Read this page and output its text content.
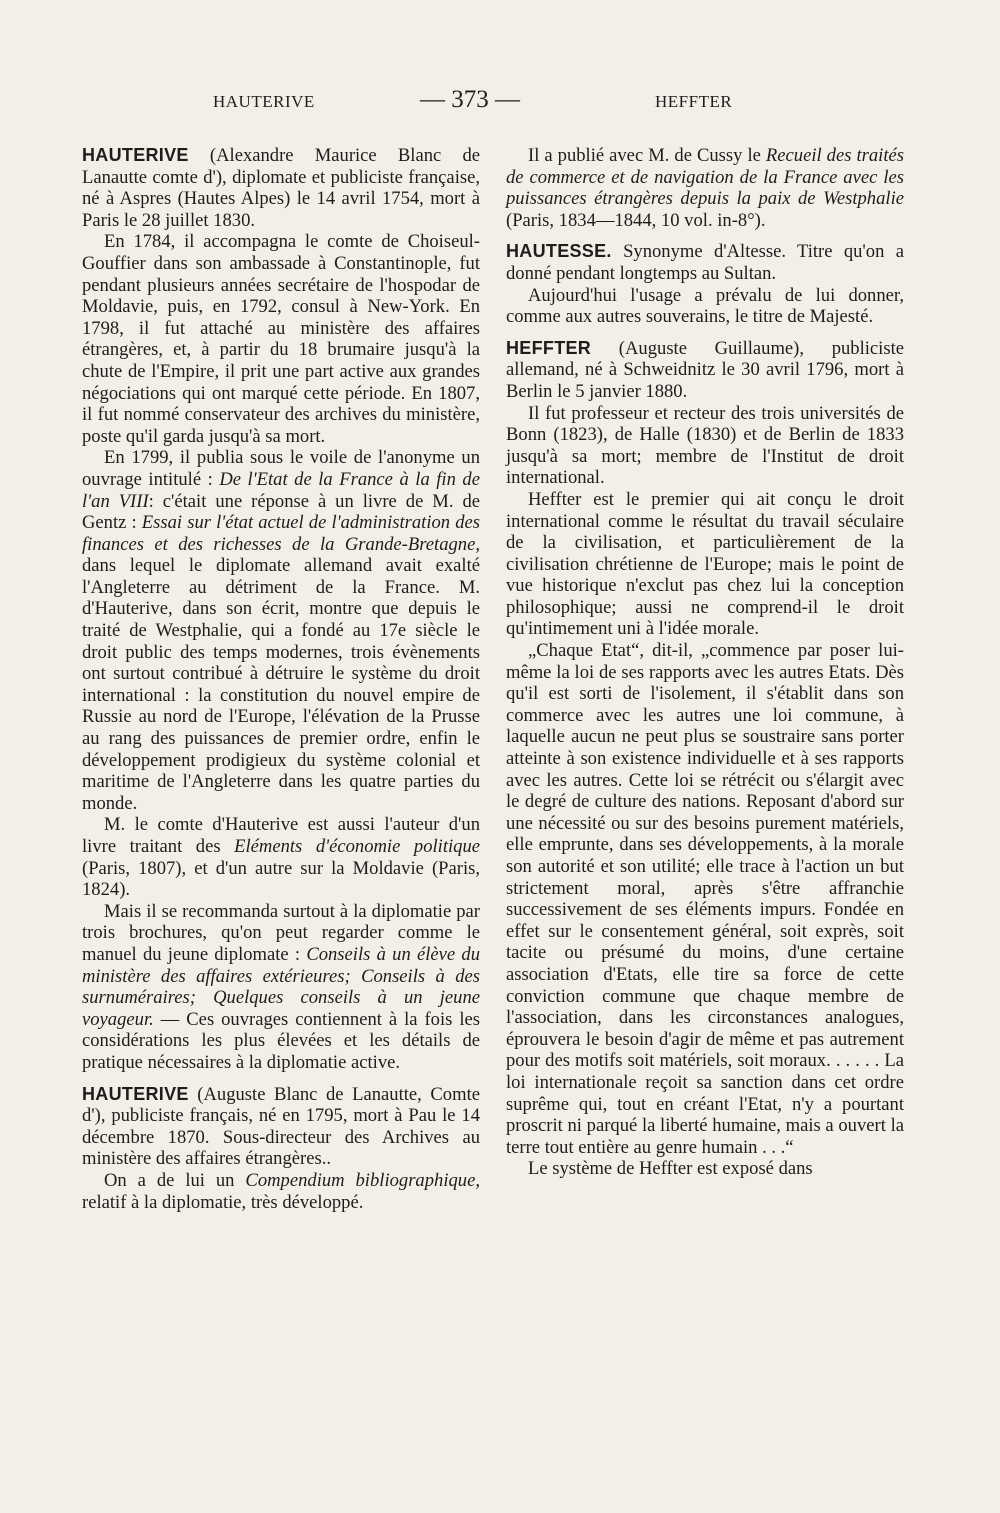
HAUTERIVE	— 373 —	HEFFTER

HAUTERIVE (Alexandre Maurice Blanc de Lanautte comte d'), diplomate et publiciste française, né à Aspres (Hautes Alpes) le 14 avril 1754, mort à Paris le 28 juillet 1830.

En 1784, il accompagna le comte de Choiseul-Gouffier dans son ambassade à Constantinople, fut pendant plusieurs années secrétaire de l'hospodar de Moldavie, puis, en 1792, consul à New-York. En 1798, il fut attaché au ministère des affaires étrangères, et, à partir du 18 brumaire jusqu'à la chute de l'Empire, il prit une part active aux grandes négociations qui ont marqué cette période. En 1807, il fut nommé conservateur des archives du ministère, poste qu'il garda jusqu'à sa mort.

En 1799, il publia sous le voile de l'anonyme un ouvrage intitulé : De l'Etat de la France à la fin de l'an VIII: c'était une réponse à un livre de M. de Gentz : Essai sur l'état actuel de l'administration des finances et des richesses de la Grande-Bretagne, dans lequel le diplomate allemand avait exalté l'Angleterre au détriment de la France. M. d'Hauterive, dans son écrit, montre que depuis le traité de Westphalie, qui a fondé au 17e siècle le droit public des temps modernes, trois évènements ont surtout contribué à détruire le système du droit international : la constitution du nouvel empire de Russie au nord de l'Europe, l'élévation de la Prusse au rang des puissances de premier ordre, enfin le développement prodigieux du système colonial et maritime de l'Angleterre dans les quatre parties du monde.

M. le comte d'Hauterive est aussi l'auteur d'un livre traitant des Eléments d'économie politique (Paris, 1807), et d'un autre sur la Moldavie (Paris, 1824).

Mais il se recommanda surtout à la diplomatie par trois brochures, qu'on peut regarder comme le manuel du jeune diplomate : Conseils à un élève du ministère des affaires extérieures; Conseils à des surnuméraires; Quelques conseils à un jeune voyageur. — Ces ouvrages contiennent à la fois les considérations les plus élevées et les détails de pratique nécessaires à la diplomatie active.

HAUTERIVE (Auguste Blanc de Lanautte, Comte d'), publiciste français, né en 1795, mort à Pau le 14 décembre 1870. Sous-directeur des Archives au ministère des affaires étrangères..

On a de lui un Compendium bibliographique, relatif à la diplomatie, très développé.

Il a publié avec M. de Cussy le Recueil des traités de commerce et de navigation de la France avec les puissances étrangères depuis la paix de Westphalie (Paris, 1834—1844, 10 vol. in-8°).

HAUTESSE. Synonyme d'Altesse. Titre qu'on a donné pendant longtemps au Sultan.

Aujourd'hui l'usage a prévalu de lui donner, comme aux autres souverains, le titre de Majesté.

HEFFTER (Auguste Guillaume), publiciste allemand, né à Schweidnitz le 30 avril 1796, mort à Berlin le 5 janvier 1880.

Il fut professeur et recteur des trois universités de Bonn (1823), de Halle (1830) et de Berlin de 1833 jusqu'à sa mort; membre de l'Institut de droit international.

Heffter est le premier qui ait conçu le droit international comme le résultat du travail séculaire de la civilisation, et particulièrement de la civilisation chrétienne de l'Europe; mais le point de vue historique n'exclut pas chez lui la conception philosophique; aussi ne comprend-il le droit qu'intimement uni à l'idée morale.

„Chaque Etat“, dit-il, „commence par poser lui-même la loi de ses rapports avec les autres Etats. Dès qu'il est sorti de l'isolement, il s'établit dans son commerce avec les autres une loi commune, à laquelle aucun ne peut plus se soustraire sans porter atteinte à son existence individuelle et à ses rapports avec les autres. Cette loi se rétrécit ou s'élargit avec le degré de culture des nations. Reposant d'abord sur une nécessité ou sur des besoins purement matériels, elle emprunte, dans ses développements, à la morale son autorité et son utilité; elle trace à l'action un but strictement moral, après s'être affranchie successivement de ses éléments impurs. Fondée en effet sur le consentement général, soit exprès, soit tacite ou présumé du moins, d'une certaine association d'Etats, elle tire sa force de cette conviction commune que chaque membre de l'association, dans les circonstances analogues, éprouvera le besoin d'agir de même et pas autrement pour des motifs soit matériels, soit moraux. . . . . . La loi internationale reçoit sa sanction dans cet ordre suprême qui, tout en créant l'Etat, n'y a pourtant proscrit ni parqué la liberté humaine, mais a ouvert la terre tout entière au genre humain . . .“

Le système de Heffter est exposé dans
